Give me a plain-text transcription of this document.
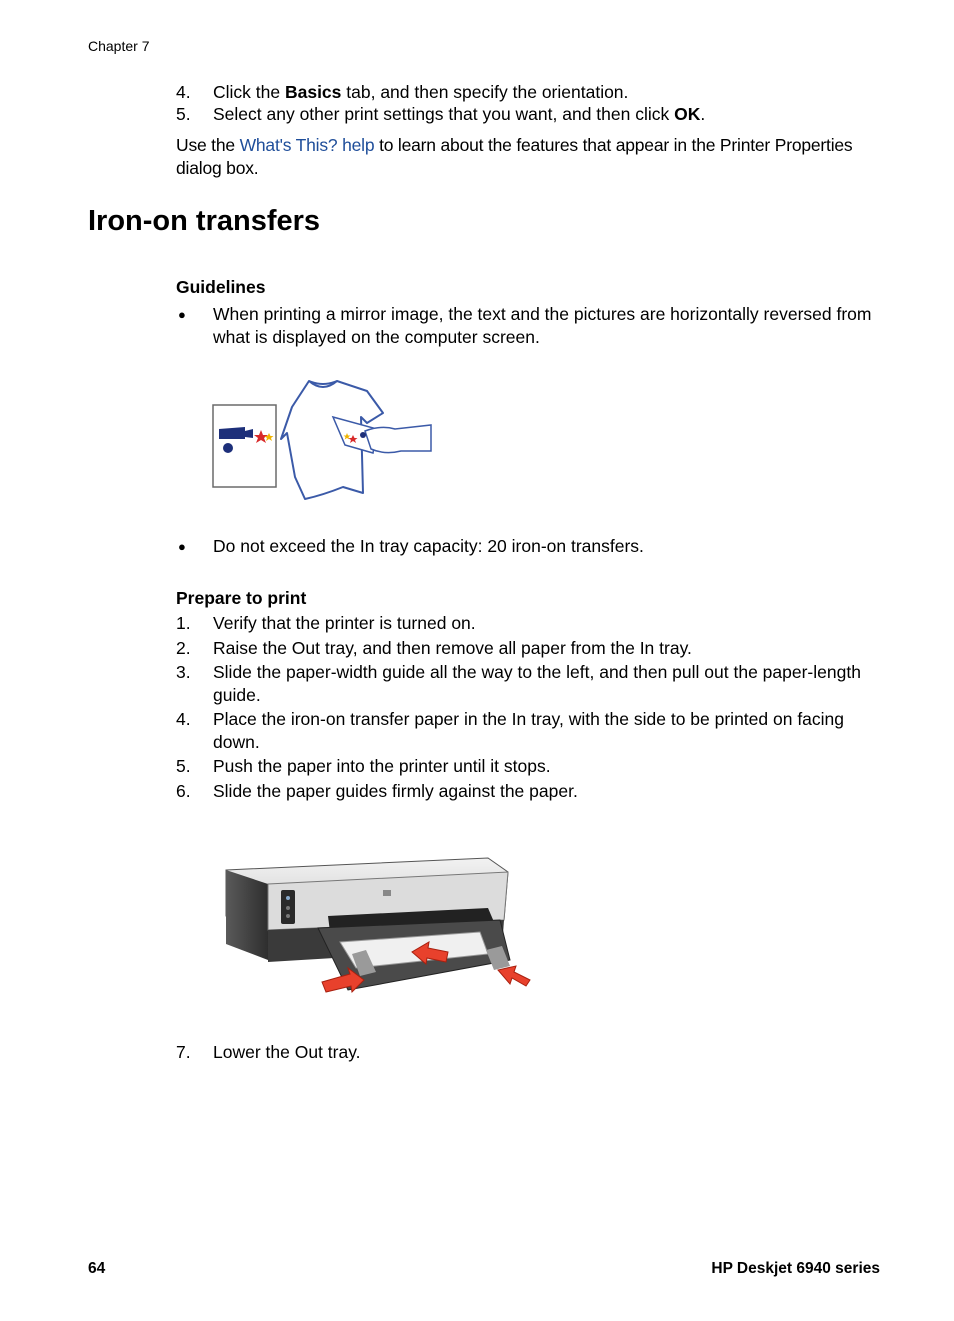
Chapter 7
4. Click the Basics tab, and then specify the orientation.
5. Select any other print settings that you want, and then click OK.
Use the What's This? help to learn about the features that appear in the Printer Properties dialog box.
Iron-on transfers
Guidelines
● When printing a mirror image, the text and the pictures are horizontally reversed from what is displayed on the computer screen.
● Do not exceed the In tray capacity: 20 iron-on transfers.
Prepare to print
1. Verify that the printer is turned on.
2. Raise the Out tray, and then remove all paper from the In tray.
3. Slide the paper-width guide all the way to the left, and then pull out the paper-length guide.
4. Place the iron-on transfer paper in the In tray, with the side to be printed on facing down.
5. Push the paper into the printer until it stops.
6. Slide the paper guides firmly against the paper.
7. Lower the Out tray.
64	HP Deskjet 6940 series
